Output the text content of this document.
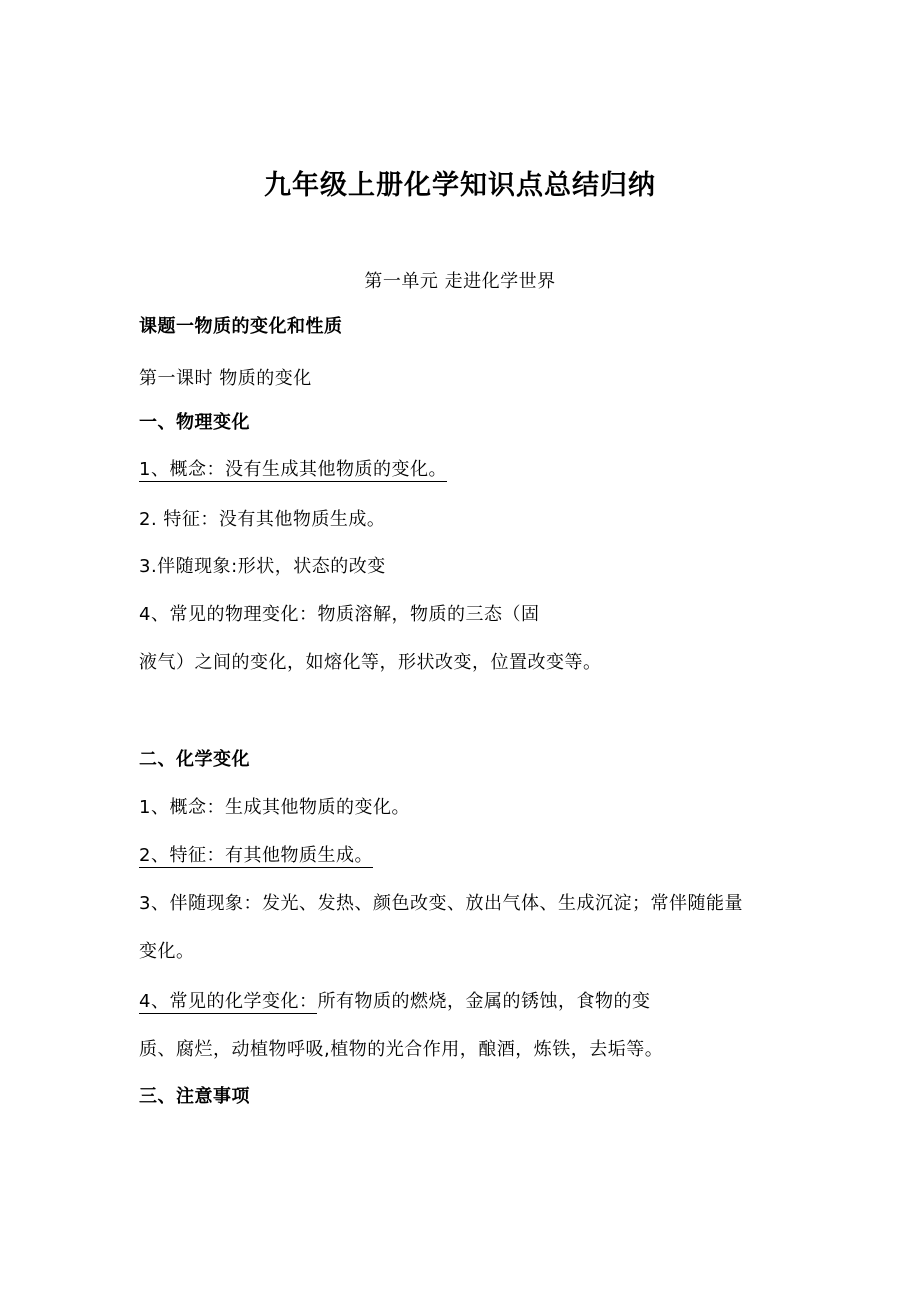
九年级上册化学知识点总结归纳
第一单元 走进化学世界
课题一物质的变化和性质
第一课时 物质的变化
一、物理变化
1、概念：没有生成其他物质的变化。
2. 特征：没有其他物质生成。
3.伴随现象:形状，状态的改变
4、常见的物理变化：物质溶解，物质的三态（固
液气）之间的变化，如熔化等，形状改变，位置改变等。
二、化学变化
1、概念：生成其他物质的变化。
2、特征：有其他物质生成。
3、伴随现象：发光、发热、颜色改变、放出气体、生成沉淀；常伴随能量
变化。
4、常见的化学变化：所有物质的燃烧，金属的锈蚀，食物的变
质、腐烂，动植物呼吸,植物的光合作用，酿酒，炼铁，去垢等。
三、注意事项
